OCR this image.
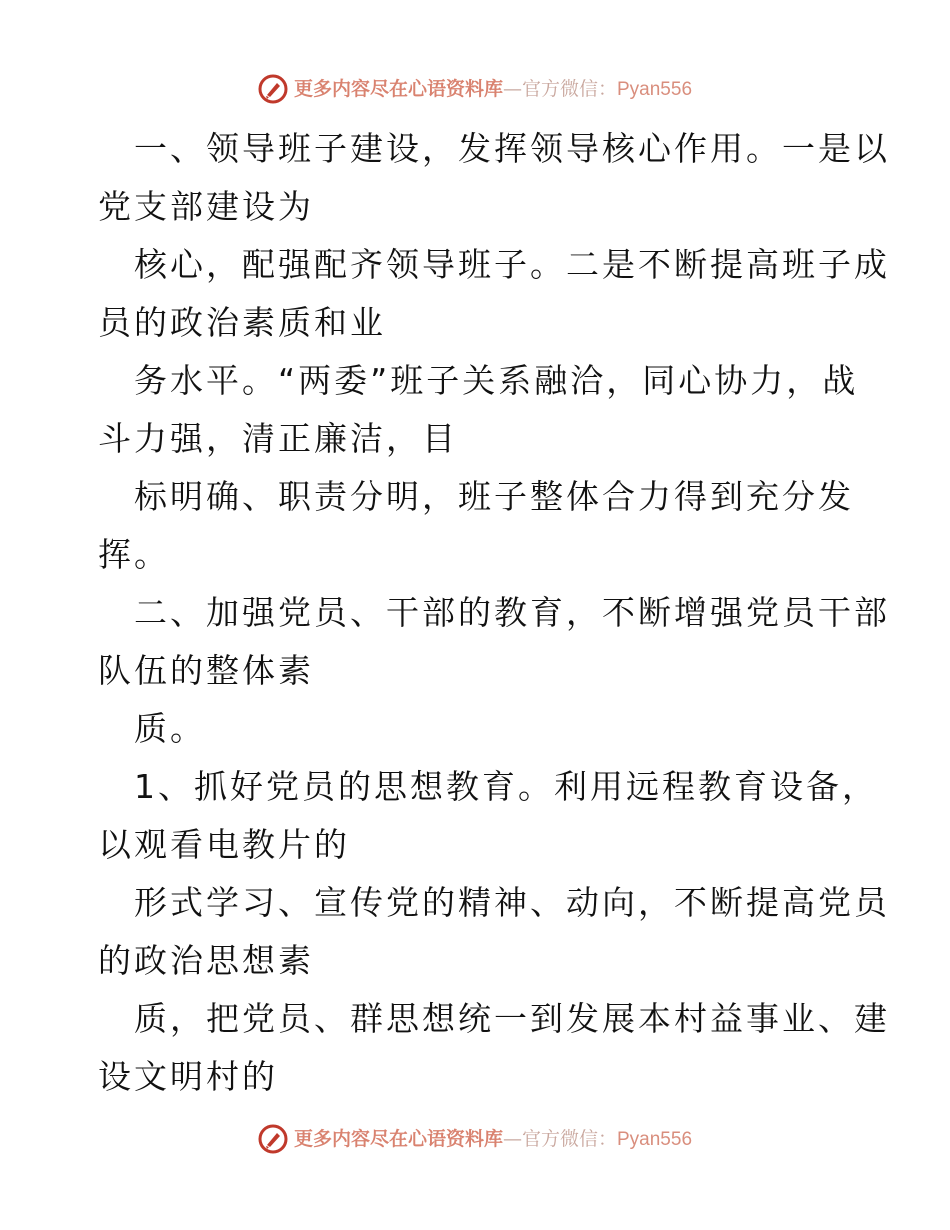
更多内容尽在心语资料库—官方微信：Pyan556
一、领导班子建设，发挥领导核心作用。一是以
党支部建设为
核心，配强配齐领导班子。二是不断提高班子成
员的政治素质和业
务水平。“两委”班子关系融洽，同心协力，战
斗力强，清正廉洁，目
标明确、职责分明，班子整体合力得到充分发
挥。
二、加强党员、干部的教育，不断增强党员干部
队伍的整体素
质。
1、抓好党员的思想教育。利用远程教育设备，
以观看电教片的
形式学习、宣传党的精神、动向，不断提高党员
的政治思想素
质，把党员、群思想统一到发展本村益事业、建
设文明村的
更多内容尽在心语资料库—官方微信：Pyan556
